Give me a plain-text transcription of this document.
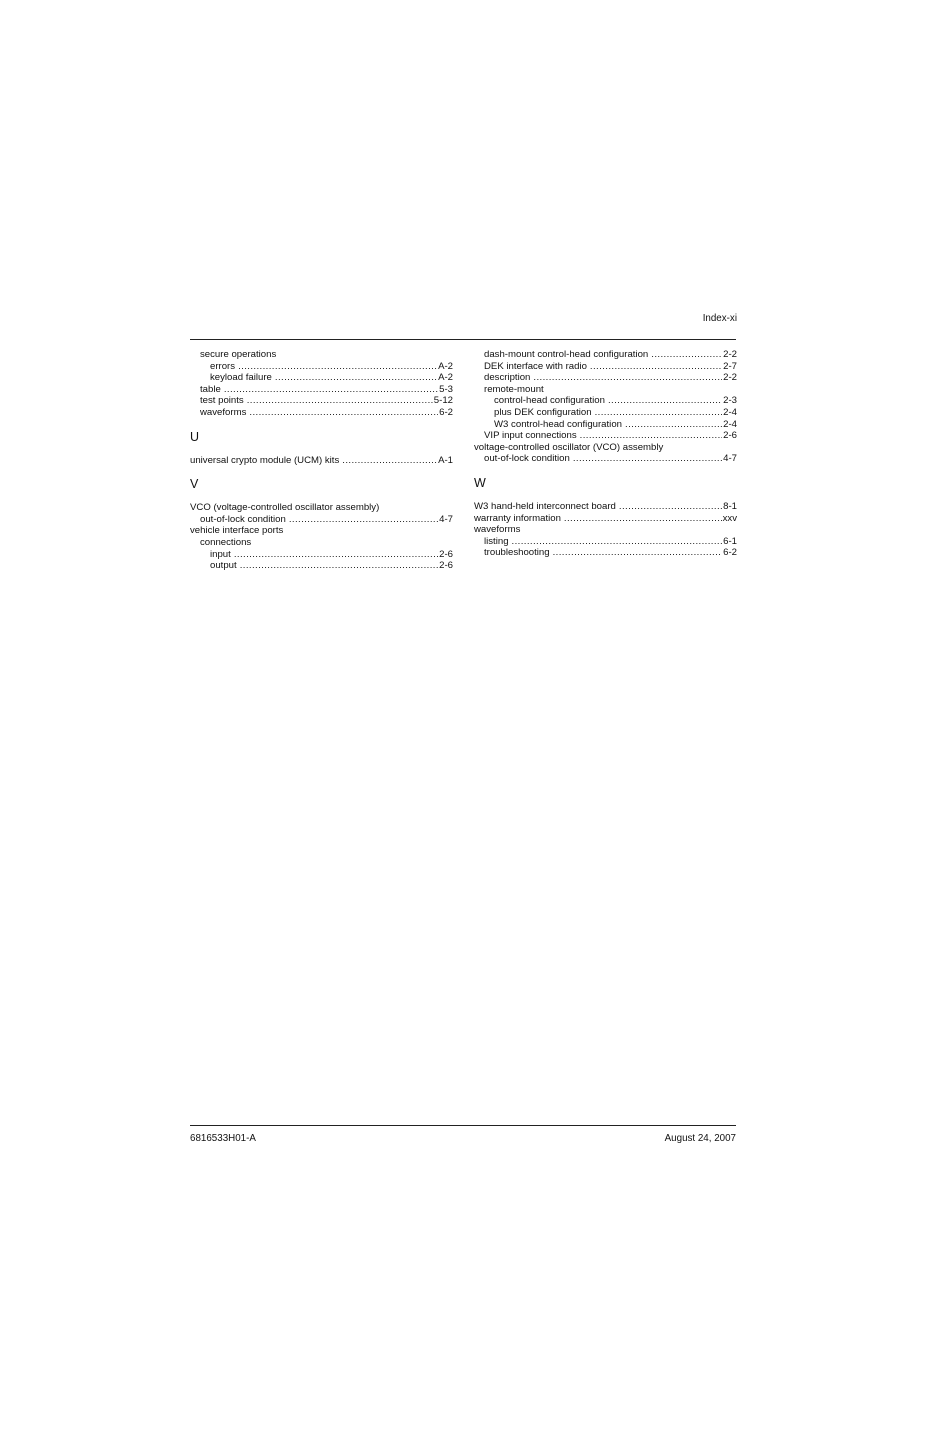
Index-xi
secure operations
errors .....	A-2
keyload failure .....	A-2
table .....	5-3
test points .....	5-12
waveforms .....	6-2
U
universal crypto module (UCM) kits .....	A-1
V
VCO (voltage-controlled oscillator assembly)
out-of-lock condition .....	4-7
vehicle interface ports
connections
input .....	2-6
output .....	2-6
dash-mount control-head configuration .....	2-2
DEK interface with radio .....	2-7
description .....	2-2
remote-mount
control-head configuration .....	2-3
plus DEK configuration .....	2-4
W3 control-head configuration .....	2-4
VIP input connections .....	2-6
voltage-controlled oscillator (VCO) assembly
out-of-lock condition .....	4-7
W
W3 hand-held interconnect board .....	8-1
warranty information .....	xxv
waveforms
listing .....	6-1
troubleshooting .....	6-2
6816533H01-A	August 24, 2007
